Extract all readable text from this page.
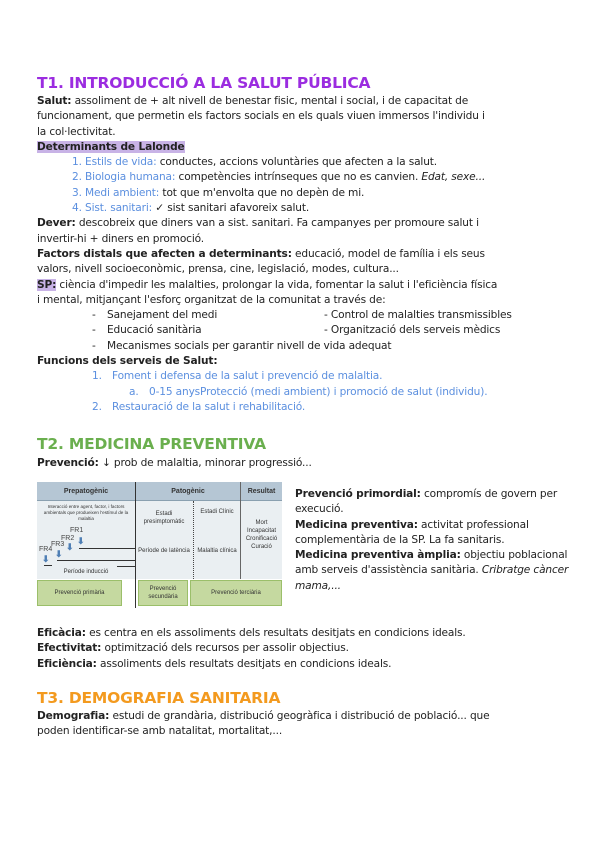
T1. INTRODUCCIÓ A LA SALUT PÚBLICA
Salut: assoliment de + alt nivell de benestar fisic, mental i social, i de capacitat de
funcionament, que permetin els factors socials en els quals viuen immersos l'individu i
la col·lectivitat.
Determinants de Lalonde
1. Estils de vida: conductes, accions voluntàries que afecten a la salut.
2. Biologia humana: competències intrínseques que no es canvien. Edat, sexe...
3. Medi ambient: tot que m'envolta que no depèn de mi.
4. Sist. sanitari: ✓ sist sanitari afavoreix salut.
Dever: descobreix que diners van a sist. sanitari. Fa campanyes per promoure salut i
invertir-hi + diners en promoció.
Factors distals que afecten a determinants: educació, model de família i els seus
valors, nivell socioeconòmic, prensa, cine, legislació, modes, cultura...
SP: ciència d'impedir les malalties, prolongar la vida, fomentar la salut i l'eficiència física
i mental, mitjançant l'esforç organitzat de la comunitat a través de:
- Sanejament del medi	- Control de malalties transmissibles
- Educació sanitària	- Organització dels serveis mèdics
- Mecanismes socials per garantir nivell de vida adequat
Funcions dels serveis de Salut:
1. Foment i defensa de la salut i prevenció de malaltia.
a. 0-15 anysProtecció (medi ambient) i promoció de salut (individu).
2. Restauració de la salut i rehabilitació.
T2. MEDICINA PREVENTIVA
Prevenció: ↓ prob de malaltia, minorar progressió...
Prepatogènic	Patogènic	Resultat
Interacció entre agent, factor, i factors ambientals que produeixen l'estímul de la malaltia
FR1
FR2
FR3
FR4
⬇
⬇
⬇
⬇
Període inducció
Estadi presimptomàtic
Estadi Clínic
Període de latència	Malaltia clínica
Mort Incapacitat Cronificació Curació
Prevenció primària
Prevenció secundària
Prevenció terciària
Prevenció primordial: compromís de govern per execució.
Medicina preventiva: activitat professional complementària de la SP. La fa sanitaris.
Medicina preventiva àmplia: objectiu poblacional amb serveis d'assistència sanitària. Cribratge càncer mama,...
Eficàcia: es centra en els assoliments dels resultats desitjats en condicions ideals.
Efectivitat: optimització dels recursos per assolir objectius.
Eficiència: assoliments dels resultats desitjats en condicions ideals.
T3. DEMOGRAFIA SANITARIA
Demografia: estudi de grandària, distribució geogràfica i distribució de població... que
poden identificar-se amb natalitat, mortalitat,...
